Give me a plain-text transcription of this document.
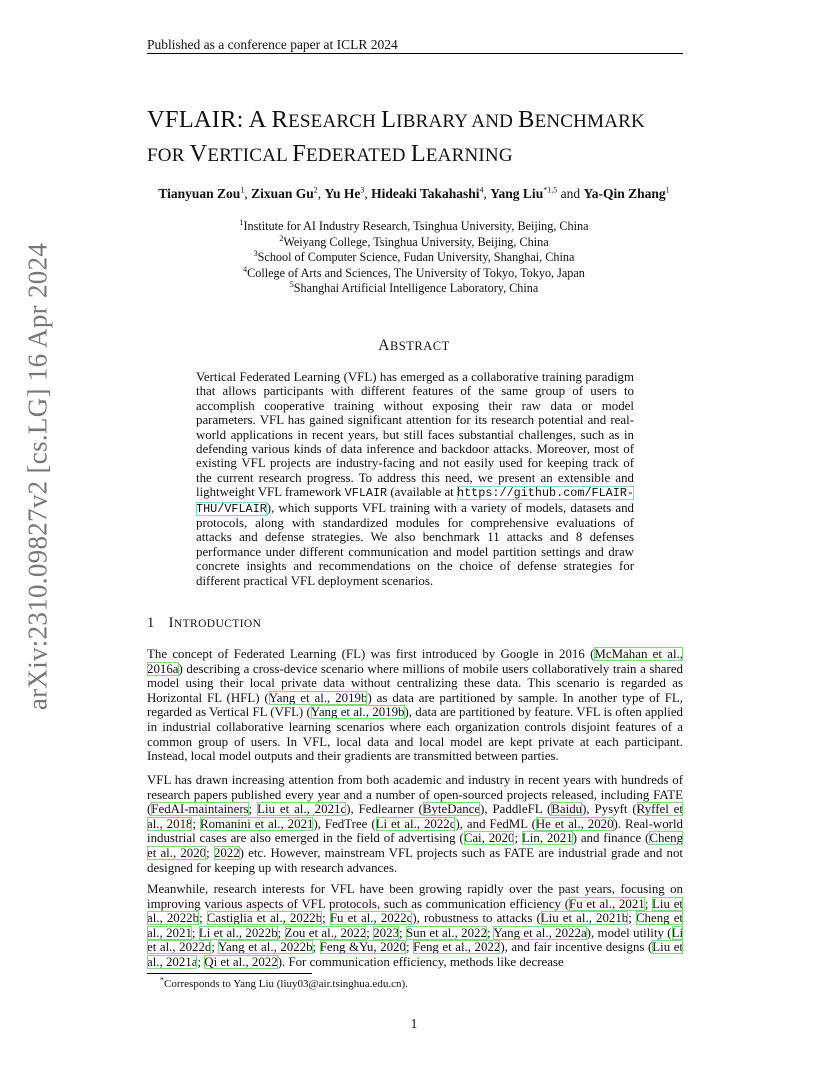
Published as a conference paper at ICLR 2024
arXiv:2310.09827v2 [cs.LG] 16 Apr 2024
VFLAIR: A RESEARCH LIBRARY AND BENCHMARK
FOR VERTICAL FEDERATED LEARNING
Tianyuan Zou$^1$, Zixuan Gu$^2$, Yu He$^3$, Hideaki Takahashi$^4$, Yang Liu$^{*1,5}$ and Ya-Qin Zhang$^1$
$^1$Institute for AI Industry Research, Tsinghua University, Beijing, China
$^2$Weiyang College, Tsinghua University, Beijing, China
$^3$School of Computer Science, Fudan University, Shanghai, China
$^4$College of Arts and Sciences, The University of Tokyo, Tokyo, Japan
$^5$Shanghai Artificial Intelligence Laboratory, China
ABSTRACT
Vertical Federated Learning (VFL) has emerged as a collaborative training paradigm that allows participants with different features of the same group of users to accomplish cooperative training without exposing their raw data or model parameters. VFL has gained significant attention for its research potential and real-world applications in recent years, but still faces substantial challenges, such as in defending various kinds of data inference and backdoor attacks. Moreover, most of existing VFL projects are industry-facing and not easily used for keeping track of the current research progress. To address this need, we present an extensible and lightweight VFL framework VFLAIR (available at https://github.com/FLAIR-THU/VFLAIR), which supports VFL training with a variety of models, datasets and protocols, along with standardized modules for comprehensive evaluations of attacks and defense strategies. We also benchmark 11 attacks and 8 defenses performance under different communication and model partition settings and draw concrete insights and recommendations on the choice of defense strategies for different practical VFL deployment scenarios.
1 INTRODUCTION
The concept of Federated Learning (FL) was first introduced by Google in 2016 (McMahan et al., 2016a) describing a cross-device scenario where millions of mobile users collaboratively train a shared model using their local private data without centralizing these data. This scenario is regarded as Horizontal FL (HFL) (Yang et al., 2019b) as data are partitioned by sample. In another type of FL, regarded as Vertical FL (VFL) (Yang et al., 2019b), data are partitioned by feature. VFL is often applied in industrial collaborative learning scenarios where each organization controls disjoint features of a common group of users. In VFL, local data and local model are kept private at each participant. Instead, local model outputs and their gradients are transmitted between parties.
VFL has drawn increasing attention from both academic and industry in recent years with hundreds of research papers published every year and a number of open-sourced projects released, including FATE (FedAI-maintainers; Liu et al., 2021c), Fedlearner (ByteDance), PaddleFL (Baidu), Pysyft (Ryffel et al., 2018; Romanini et al., 2021), FedTree (Li et al., 2022c), and FedML (He et al., 2020). Real-world industrial cases are also emerged in the field of advertising (Cai, 2020; Lin, 2021) and finance (Cheng et al., 2020; 2022) etc. However, mainstream VFL projects such as FATE are industrial grade and not designed for keeping up with research advances.
Meanwhile, research interests for VFL have been growing rapidly over the past years, focusing on improving various aspects of VFL protocols, such as communication efficiency (Fu et al., 2021; Liu et al., 2022b; Castiglia et al., 2022b; Fu et al., 2022c), robustness to attacks (Liu et al., 2021b; Cheng et al., 2021; Li et al., 2022b; Zou et al., 2022; 2023; Sun et al., 2022; Yang et al., 2022a), model utility (Li et al., 2022d; Yang et al., 2022b; Feng &Yu, 2020; Feng et al., 2022), and fair incentive designs (Liu et al., 2021a; Qi et al., 2022). For communication efficiency, methods like decrease
*Corresponds to Yang Liu (liuy03@air.tsinghua.edu.cn).
1
